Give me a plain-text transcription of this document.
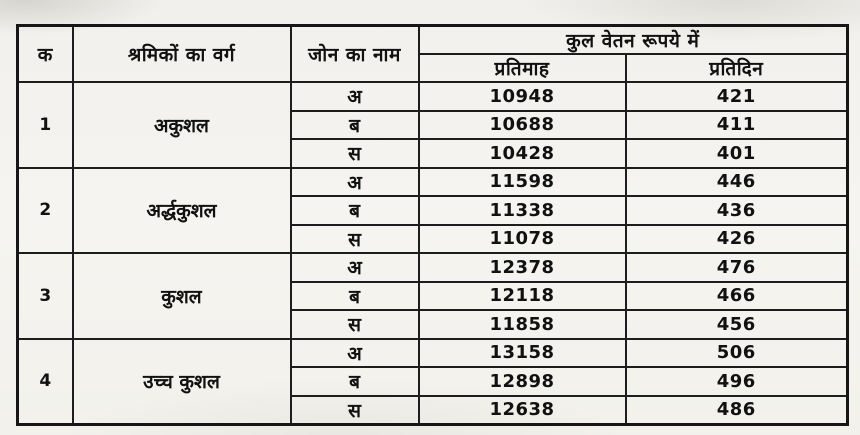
क	श्रमिकों का वर्ग	जोन का नाम	कुल वेतन रूपये में	
			प्रतिमाह	प्रतिदिन
1	अकुशल	अ	10948	421
		ब	10688	411
		स	10428	401
2	अर्द्धकुशल	अ	11598	446
		ब	11338	436
		स	11078	426
3	कुशल	अ	12378	476
		ब	12118	466
		स	11858	456
4	उच्च कुशल	अ	13158	506
		ब	12898	496
		स	12638	486
